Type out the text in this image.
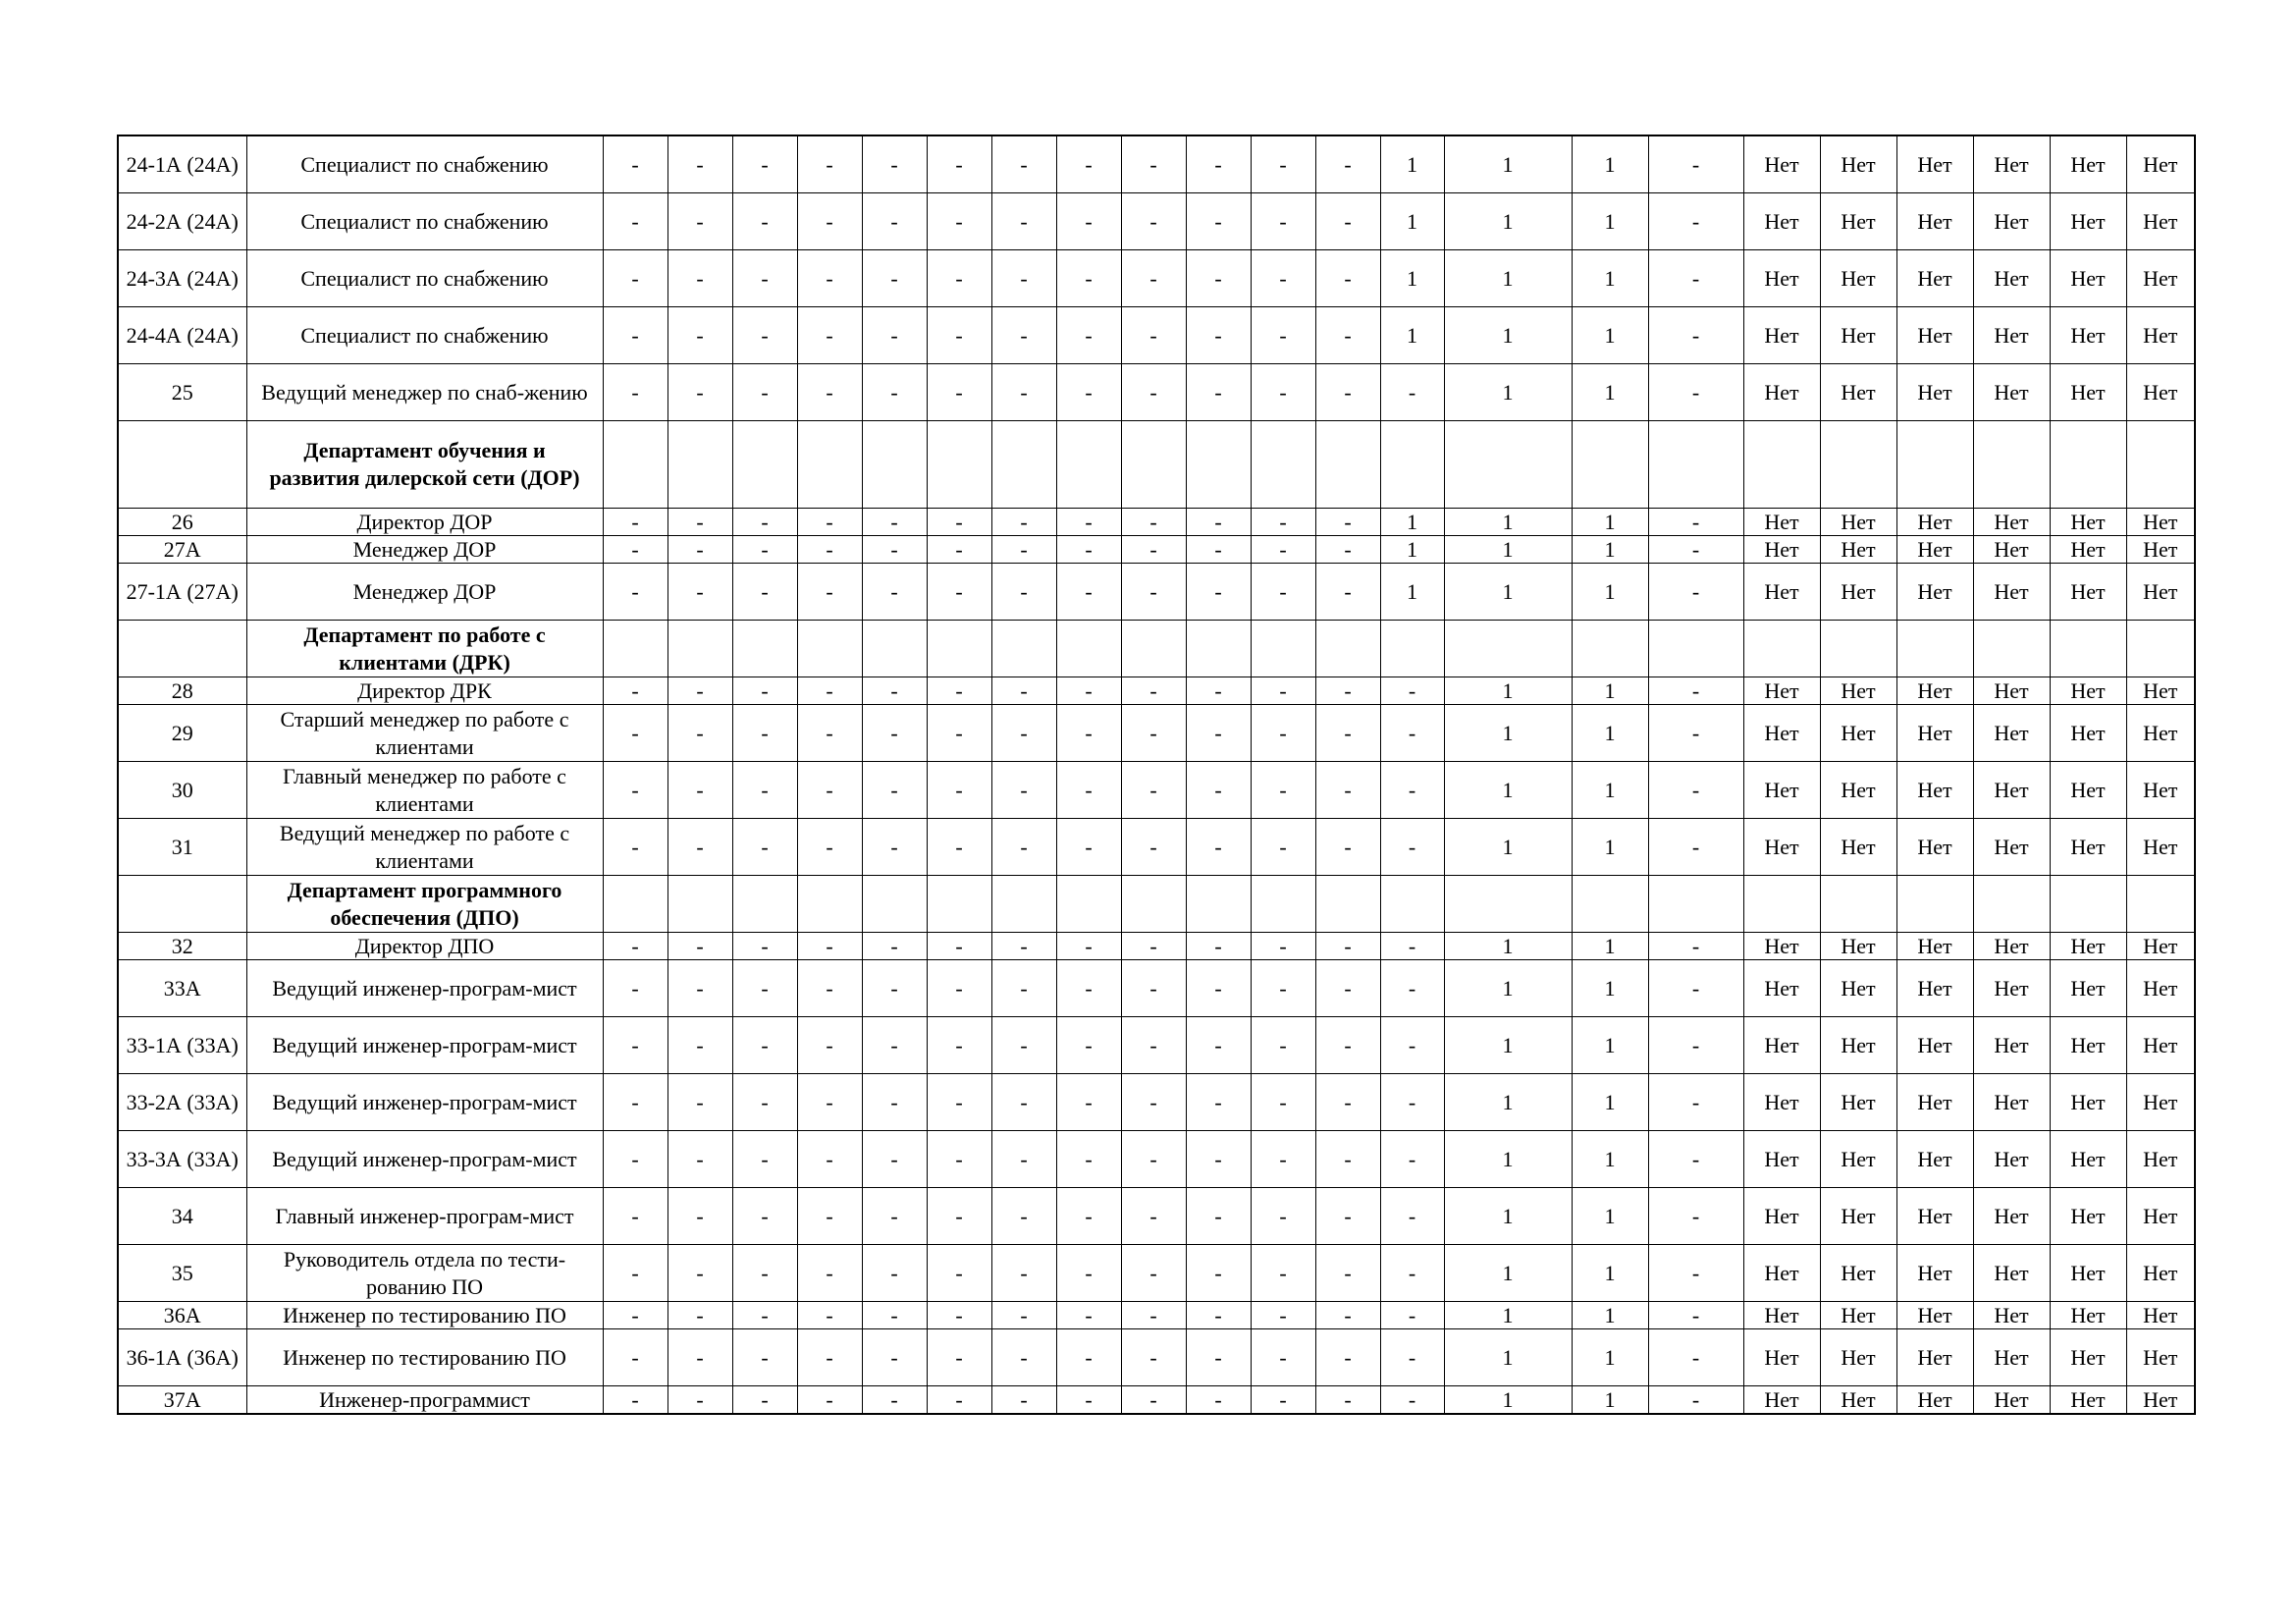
24-1А (24А)	Специалист по снабжению	-	-	-	-	-	-	-	-	-	-	-	-	1	1	1	-	Нет	Нет	Нет	Нет	Нет	Нет
24-2А (24А)	Специалист по снабжению	-	-	-	-	-	-	-	-	-	-	-	-	1	1	1	-	Нет	Нет	Нет	Нет	Нет	Нет
24-3А (24А)	Специалист по снабжению	-	-	-	-	-	-	-	-	-	-	-	-	1	1	1	-	Нет	Нет	Нет	Нет	Нет	Нет
24-4А (24А)	Специалист по снабжению	-	-	-	-	-	-	-	-	-	-	-	-	1	1	1	-	Нет	Нет	Нет	Нет	Нет	Нет
25	Ведущий менеджер по снаб-жению	-	-	-	-	-	-	-	-	-	-	-	-	-	1	1	-	Нет	Нет	Нет	Нет	Нет	Нет
	Департамент обучения и развития дилерской сети (ДОР)																						
26	Директор ДОР	-	-	-	-	-	-	-	-	-	-	-	-	1	1	1	-	Нет	Нет	Нет	Нет	Нет	Нет
27А	Менеджер ДОР	-	-	-	-	-	-	-	-	-	-	-	-	1	1	1	-	Нет	Нет	Нет	Нет	Нет	Нет
27-1А (27А)	Менеджер ДОР	-	-	-	-	-	-	-	-	-	-	-	-	1	1	1	-	Нет	Нет	Нет	Нет	Нет	Нет
	Департамент по работе с клиентами (ДРК)																						
28	Директор ДРК	-	-	-	-	-	-	-	-	-	-	-	-	-	1	1	-	Нет	Нет	Нет	Нет	Нет	Нет
29	Старший менеджер по работе с клиентами	-	-	-	-	-	-	-	-	-	-	-	-	-	1	1	-	Нет	Нет	Нет	Нет	Нет	Нет
30	Главный менеджер по работе с клиентами	-	-	-	-	-	-	-	-	-	-	-	-	-	1	1	-	Нет	Нет	Нет	Нет	Нет	Нет
31	Ведущий менеджер по работе с клиентами	-	-	-	-	-	-	-	-	-	-	-	-	-	1	1	-	Нет	Нет	Нет	Нет	Нет	Нет
	Департамент программного обеспечения (ДПО)																						
32	Директор ДПО	-	-	-	-	-	-	-	-	-	-	-	-	-	1	1	-	Нет	Нет	Нет	Нет	Нет	Нет
33А	Ведущий инженер-програм-мист	-	-	-	-	-	-	-	-	-	-	-	-	-	1	1	-	Нет	Нет	Нет	Нет	Нет	Нет
33-1А (33А)	Ведущий инженер-програм-мист	-	-	-	-	-	-	-	-	-	-	-	-	-	1	1	-	Нет	Нет	Нет	Нет	Нет	Нет
33-2А (33А)	Ведущий инженер-програм-мист	-	-	-	-	-	-	-	-	-	-	-	-	-	1	1	-	Нет	Нет	Нет	Нет	Нет	Нет
33-3А (33А)	Ведущий инженер-програм-мист	-	-	-	-	-	-	-	-	-	-	-	-	-	1	1	-	Нет	Нет	Нет	Нет	Нет	Нет
34	Главный инженер-програм-мист	-	-	-	-	-	-	-	-	-	-	-	-	-	1	1	-	Нет	Нет	Нет	Нет	Нет	Нет
35	Руководитель отдела по тести-рованию ПО	-	-	-	-	-	-	-	-	-	-	-	-	-	1	1	-	Нет	Нет	Нет	Нет	Нет	Нет
36А	Инженер по тестированию ПО	-	-	-	-	-	-	-	-	-	-	-	-	-	1	1	-	Нет	Нет	Нет	Нет	Нет	Нет
36-1А (36А)	Инженер по тестированию ПО	-	-	-	-	-	-	-	-	-	-	-	-	-	1	1	-	Нет	Нет	Нет	Нет	Нет	Нет
37А	Инженер-программист	-	-	-	-	-	-	-	-	-	-	-	-	-	1	1	-	Нет	Нет	Нет	Нет	Нет	Нет
